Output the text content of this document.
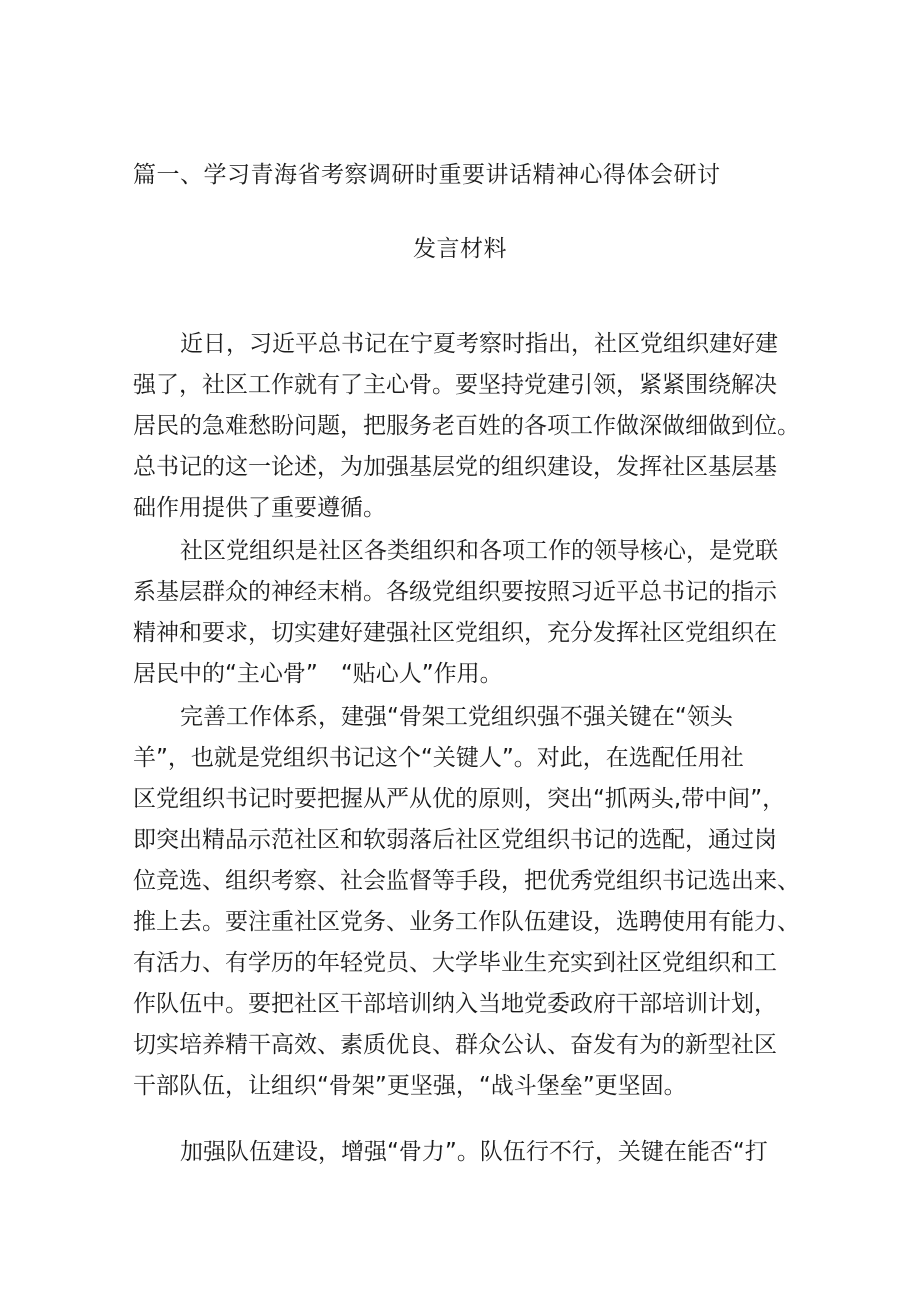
篇一、学习青海省考察调研时重要讲话精神心得体会研讨
发言材料
近日，习近平总书记在宁夏考察时指出，社区党组织建好建
强了，社区工作就有了主心骨。要坚持党建引领，紧紧围绕解决
居民的急难愁盼问题，把服务老百姓的各项工作做深做细做到位。
总书记的这一论述，为加强基层党的组织建设，发挥社区基层基
础作用提供了重要遵循。
社区党组织是社区各类组织和各项工作的领导核心，是党联
系基层群众的神经末梢。各级党组织要按照习近平总书记的指示
精神和要求，切实建好建强社区党组织，充分发挥社区党组织在
居民中的“主心骨”　“贴心人”作用。
完善工作体系，建强“骨架工党组织强不强关键在“领头
羊”，也就是党组织书记这个“关键人”。对此，在选配任用社
区党组织书记时要把握从严从优的原则，突出“抓两头,带中间”，
即突出精品示范社区和软弱落后社区党组织书记的选配，通过岗
位竞选、组织考察、社会监督等手段，把优秀党组织书记选出来、
推上去。要注重社区党务、业务工作队伍建设，选聘使用有能力、
有活力、有学历的年轻党员、大学毕业生充实到社区党组织和工
作队伍中。要把社区干部培训纳入当地党委政府干部培训计划，
切实培养精干高效、素质优良、群众公认、奋发有为的新型社区
干部队伍，让组织“骨架”更坚强，“战斗堡垒”更坚固。
加强队伍建设，增强“骨力”。队伍行不行，关键在能否“打
